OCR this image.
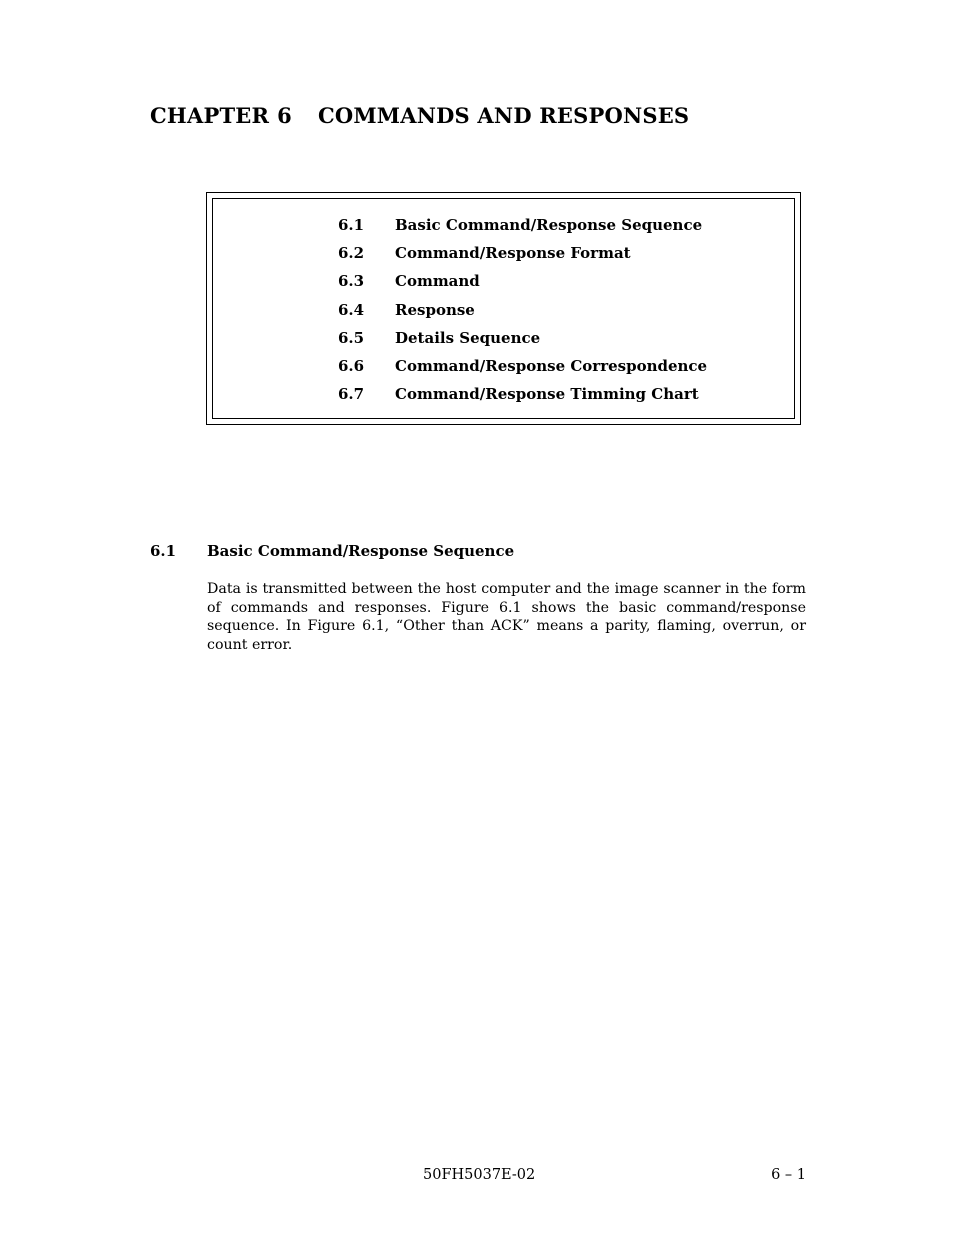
CHAPTER 6 COMMANDS AND RESPONSES
6.1 Basic Command/Response Sequence
6.2 Command/Response Format
6.3 Command
6.4 Response
6.5 Details Sequence
6.6 Command/Response Correspondence
6.7 Command/Response Timming Chart
6.1 Basic Command/Response Sequence

Data is transmitted between the host computer and the image scanner in the form of commands and responses. Figure 6.1 shows the basic command/response sequence. In Figure 6.1, “Other than ACK” means a parity, flaming, overrun, or count error.

50FH5037E-02	6 – 1
